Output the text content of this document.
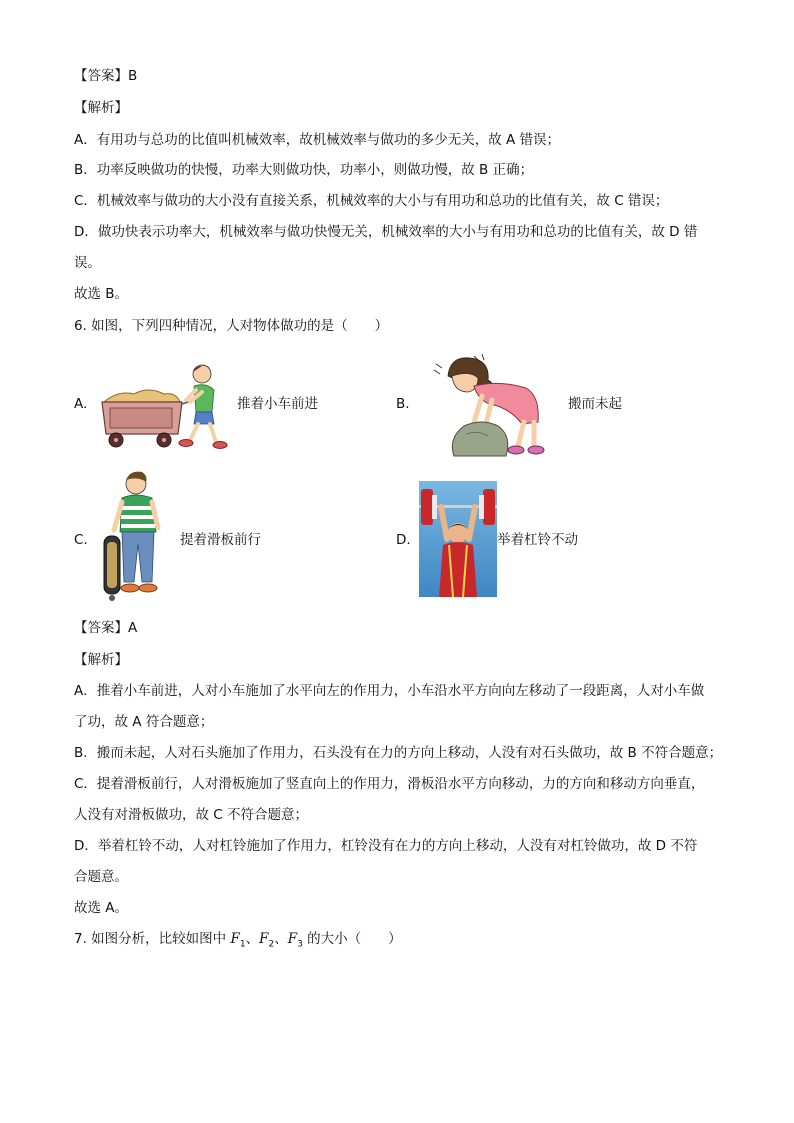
【答案】B
【解析】
A．有用功与总功的比值叫机械效率，故机械效率与做功的多少无关，故 A 错误；
B．功率反映做功的快慢，功率大则做功快，功率小，则做功慢，故 B 正确；
C．机械效率与做功的大小没有直接关系，机械效率的大小与有用功和总功的比值有关，故 C 错误；
D．做功快表示功率大，机械效率与做功快慢无关，机械效率的大小与有用功和总功的比值有关，故 D 错
误。
故选 B。
6. 如图，下列四种情况，人对物体做功的是（　　）
A.	推着小车前进	B.	搬而未起
C.	提着滑板前行	D.	举着杠铃不动
【答案】A
【解析】
A．推着小车前进，人对小车施加了水平向左的作用力，小车沿水平方向向左移动了一段距离，人对小车做
了功，故 A 符合题意；
B．搬而未起，人对石头施加了作用力，石头没有在力的方向上移动，人没有对石头做功，故 B 不符合题意；
C．提着滑板前行，人对滑板施加了竖直向上的作用力，滑板沿水平方向移动，力的方向和移动方向垂直，
人没有对滑板做功，故 C 不符合题意；
D．举着杠铃不动，人对杠铃施加了作用力，杠铃没有在力的方向上移动，人没有对杠铃做功，故 D 不符
合题意。
故选 A。
7. 如图分析，比较如图中 $F_1$、$F_2$、$F_3$ 的大小（　　）
